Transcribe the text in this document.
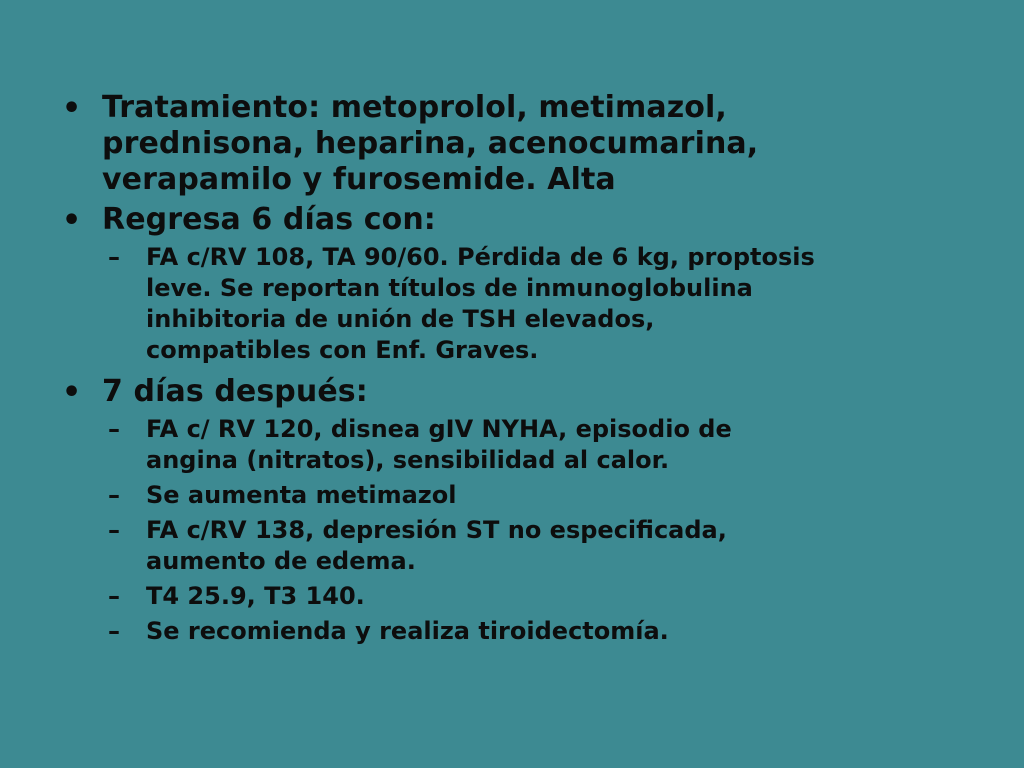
• Tratamiento: metoprolol, metimazol,
prednisona, heparina, acenocumarina,
verapamilo y furosemide. Alta
• Regresa 6 días con:
–	FA c/RV 108, TA 90/60. Pérdida de 6 kg, proptosis
leve. Se reportan títulos de inmunoglobulina
inhibitoria de unión de TSH elevados,
compatibles con Enf. Graves.
• 7 días después:
–	FA c/ RV 120, disnea gIV NYHA, episodio de
angina (nitratos), sensibilidad al calor.
–	Se aumenta metimazol
–	FA c/RV 138, depresión ST no especificada,
aumento de edema.
–	T4 25.9, T3 140.
–	Se recomienda y realiza tiroidectomía.
